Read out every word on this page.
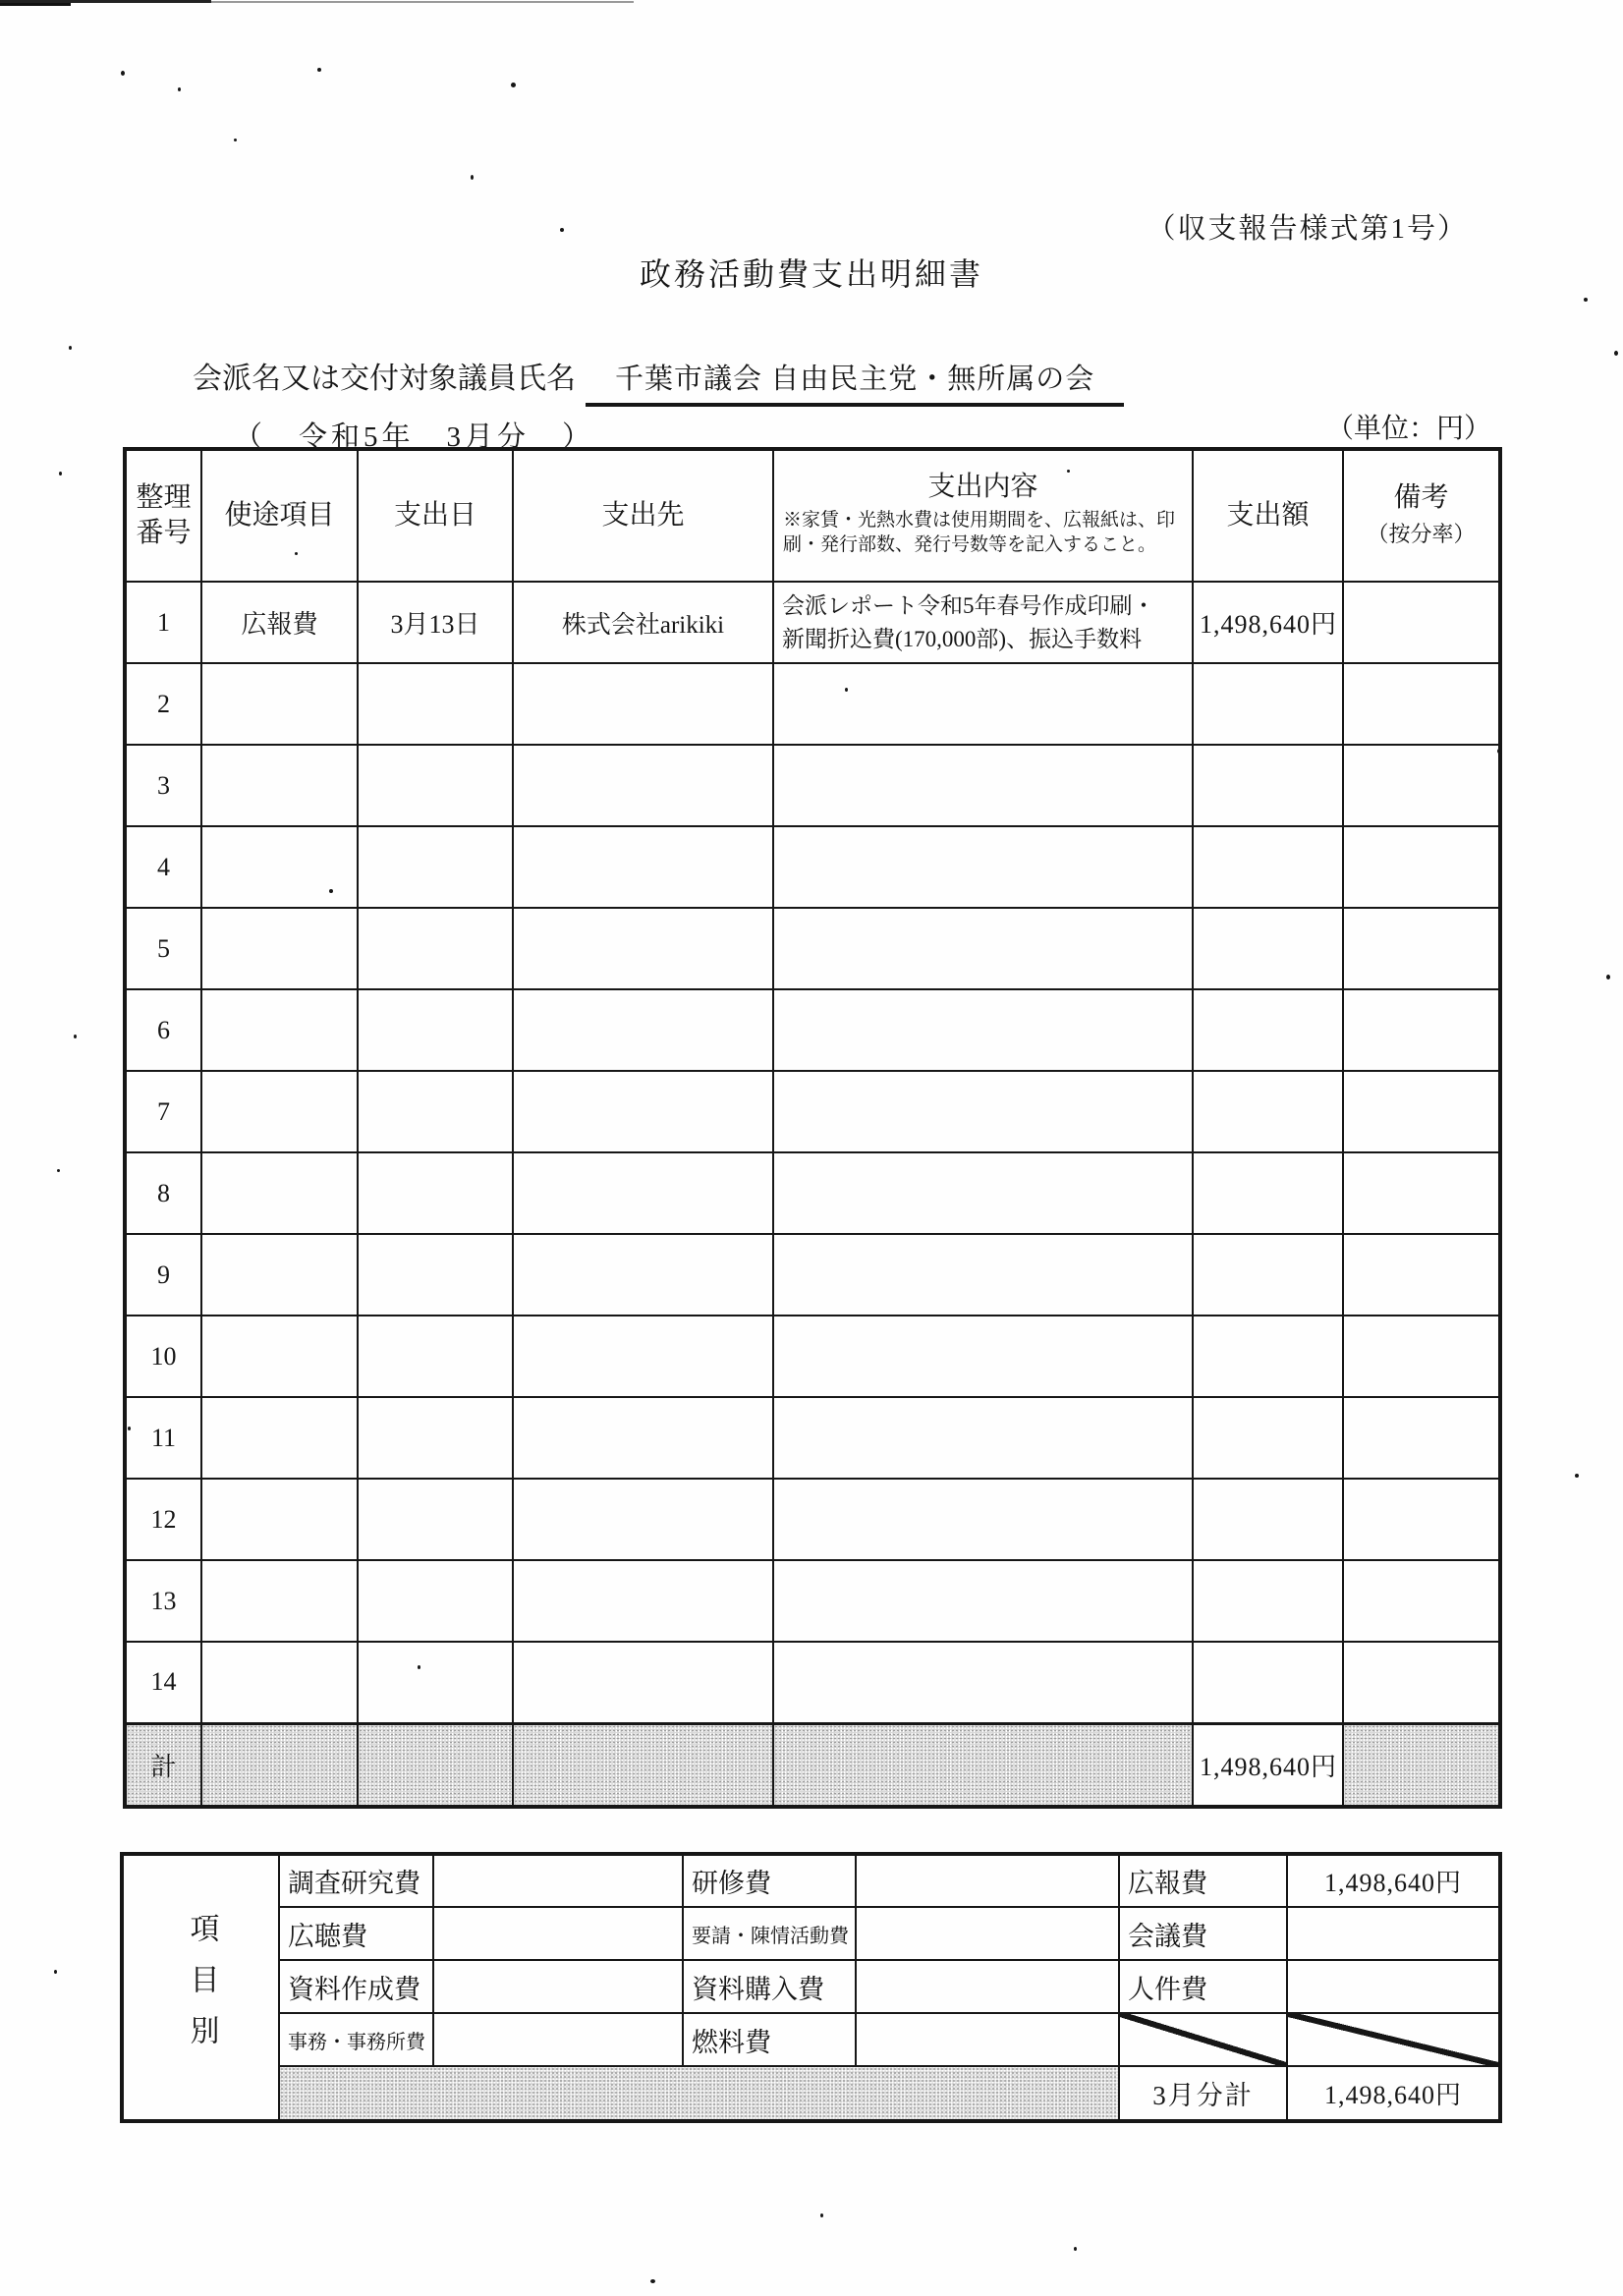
（収支報告様式第1号）
政務活動費支出明細書
会派名又は交付対象議員氏名 千葉市議会 自由民主党・無所属の会
（　令和5年　3月分　）	（単位：円）
整理
番号	使途項目	支出日	支出先	
支出内容
※家賃・光熱水費は使用期間を、広報紙は、印刷・発行部数、発行号数等を記入すること。
	支出額	備考
（按分率）
1	広報費	3月13日	株式会社arikiki	会派レポート令和5年春号作成印刷・
新聞折込費(170,000部)、振込手数料	1,498,640円	
2						
3						
4						
5						
6						
7						
8						
9						
10						
11						
12						
13						
14						
計					1,498,640円	
項目別	調査研究費		研修費		広報費	1,498,640円
	広聴費		要請・陳情活動費		会議費	
	資料作成費		資料購入費		人件費	
	事務・事務所費		燃料費			
					3月分計	1,498,640円
